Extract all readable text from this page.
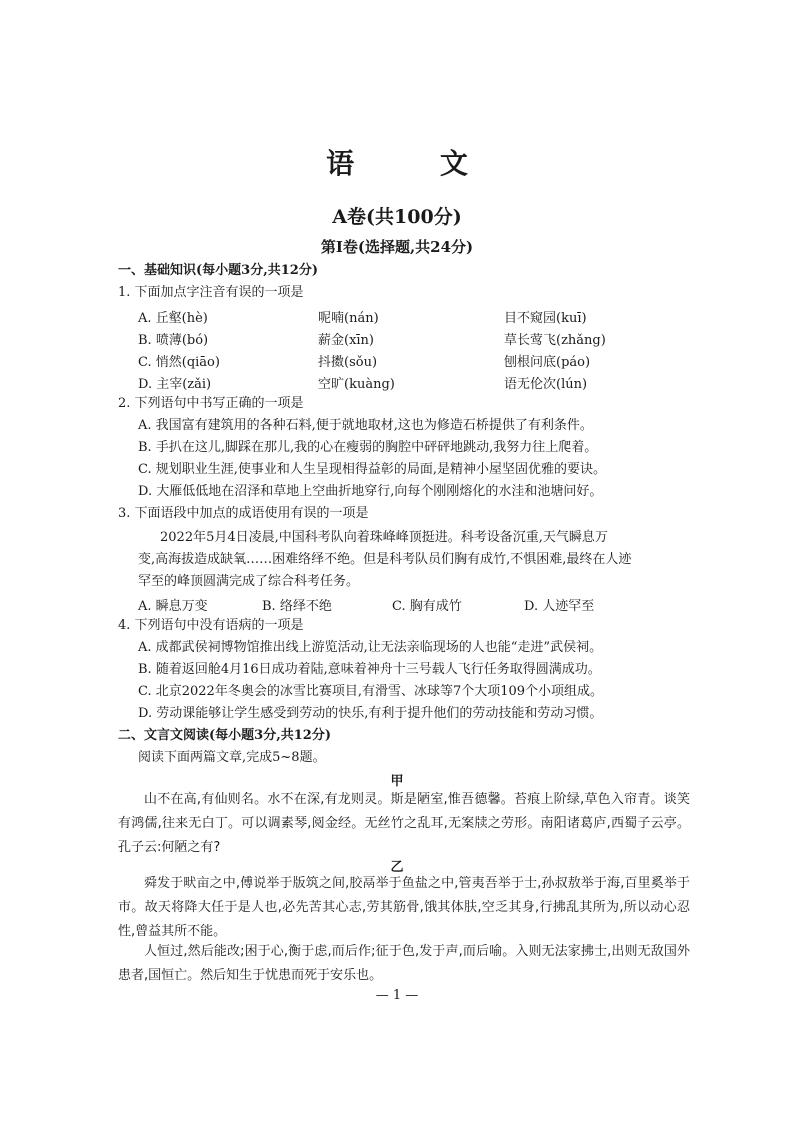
语 文
A卷(共100分)
第Ⅰ卷(选择题,共24分)
一、基础知识(每小题3分,共12分)
1. 下面加点字注音有误的一项是
A. 丘壑(hè)	呢喃(nán)	目不窥园(kuī)
B. 喷薄(bó)	薪金(xīn)	草长莺飞(zhǎng)
C. 悄然(qiāo)	抖擞(sǒu)	刨根问底(páo)
D. 主宰(zǎi)	空旷(kuàng)	语无伦次(lún)
2. 下列语句中书写正确的一项是
A. 我国富有建筑用的各种石料,便于就地取材,这也为修造石桥提供了有利条件。
B. 手扒在这儿,脚踩在那儿,我的心在瘦弱的胸腔中砰砰地跳动,我努力往上爬着。
C. 规划职业生涯,使事业和人生呈现相得益彰的局面,是精神小屋坚固优雅的要诀。
D. 大雁低低地在沼泽和草地上空曲折地穿行,向每个刚刚熔化的水洼和池塘问好。
3. 下面语段中加点的成语使用有误的一项是
2022年5月4日凌晨,中国科考队向着珠峰峰顶挺进。科考设备沉重,天气瞬息万
变,高海拔造成缺氧……困难络绎不绝。但是科考队员们胸有成竹,不惧困难,最终在人迹
罕至的峰顶圆满完成了综合科考任务。
A. 瞬息万变	B. 络绎不绝	C. 胸有成竹	D. 人迹罕至
4. 下列语句中没有语病的一项是
A. 成都武侯祠博物馆推出线上游览活动,让无法亲临现场的人也能“走进”武侯祠。
B. 随着返回舱4月16日成功着陆,意味着神舟十三号载人飞行任务取得圆满成功。
C. 北京2022年冬奥会的冰雪比赛项目,有滑雪、冰球等7个大项109个小项组成。
D. 劳动课能够让学生感受到劳动的快乐,有利于提升他们的劳动技能和劳动习惯。
二、文言文阅读(每小题3分,共12分)
阅读下面两篇文章,完成5~8题。
甲
山不在高,有仙则名。水不在深,有龙则灵。斯是陋室,惟吾德馨。苔痕上阶绿,草色入帘青。谈笑有鸿儒,往来无白丁。可以调素琴,阅金经。无丝竹之乱耳,无案牍之劳形。南阳诸葛庐,西蜀子云亭。孔子云:何陋之有?
乙
舜发于畎亩之中,傅说举于版筑之间,胶鬲举于鱼盐之中,管夷吾举于士,孙叔敖举于海,百里奚举于市。故天将降大任于是人也,必先苦其心志,劳其筋骨,饿其体肤,空乏其身,行拂乱其所为,所以动心忍性,曾益其所不能。
人恒过,然后能改;困于心,衡于虑,而后作;征于色,发于声,而后喻。入则无法家拂士,出则无敌国外患者,国恒亡。然后知生于忧患而死于安乐也。
— 1 —
